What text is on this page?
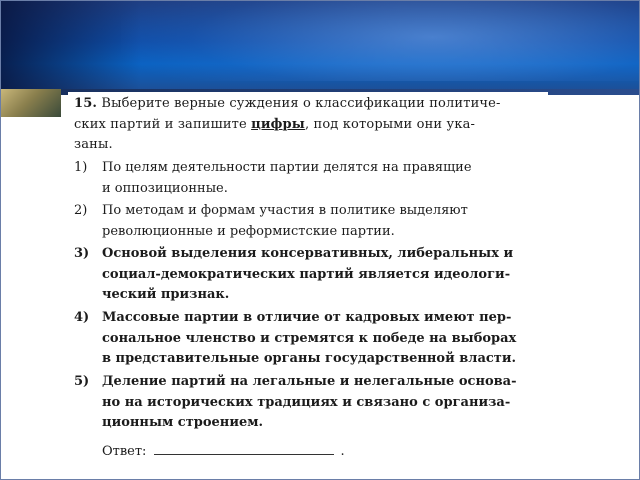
15. Выберите верные суждения о классификации политиче-
ских партий и запишите цифры, под которыми они ука-
заны.
1) По целям деятельности партии делятся на правящие
и оппозиционные.
2) По методам и формам участия в политике выделяют
революционные и реформистские партии.
3) Основой выделения консервативных, либеральных и
социал-демократических партий является идеологи-
ческий признак.
4) Массовые партии в отличие от кадровых имеют пер-
сональное членство и стремятся к победе на выборах
в представительные органы государственной власти.
5) Деление партий на легальные и нелегальные основа-
но на исторических традициях и связано с организа-
ционным строением.
Ответ:	.
